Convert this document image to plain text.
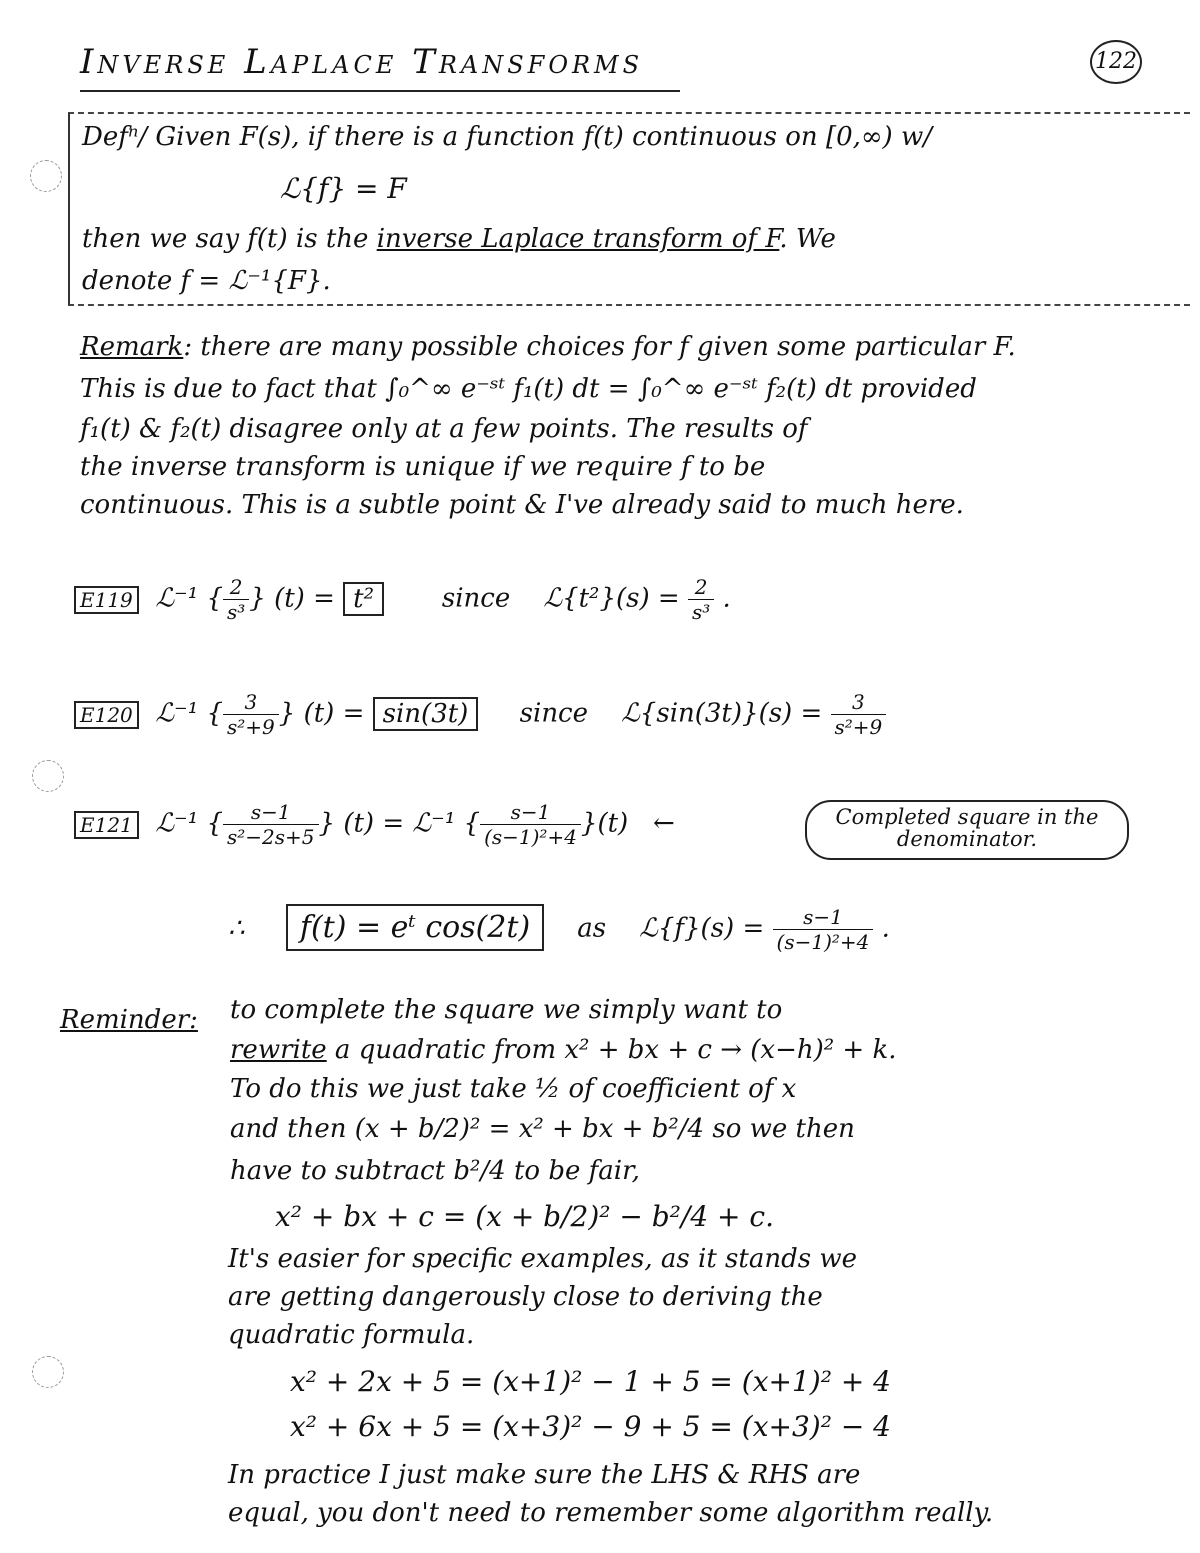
Inverse Laplace Transforms	122
Defⁿ/ Given F(s), if there is a function f(t) continuous on [0,∞) w/
ℒ{f} = F
then we say f(t) is the inverse Laplace transform of F. We
denote f = ℒ⁻¹{F}.
Remark: there are many possible choices for f given some particular F.
This is due to fact that ∫₀^∞ e⁻ˢᵗ f₁(t) dt = ∫₀^∞ e⁻ˢᵗ f₂(t) dt provided
f₁(t) & f₂(t) disagree only at a few points. The results of
the inverse transform is unique if we require f to be
continuous. This is a subtle point & I've already said to much here.
E119 ℒ⁻¹ { $\frac{2}{\text{s³}}$ } (t) = t²	since ℒ{t²}(s) = $\frac{2}{\text{s³}}$ .
E120 ℒ⁻¹ { $\frac{3}{\text{s²+9}}$ } (t) = sin(3t) since ℒ{sin(3t)}(s) = $\frac{3}{\text{s²+9}}$
E121 ℒ⁻¹ { $\frac{s-1}{\text{s²−2s+5}}$ } (t) = ℒ⁻¹ { $\frac{s-1}{\text{(s−1)²+4}} \}(t)$ ←	Completed square in the denominator.
∴ f(t) = eᵗ cos(2t) as ℒ{f}(s) = $\frac{s-1}{\text{(s−1)²+4}}$ .
Reminder: to complete the square we simply want to
rewrite a quadratic from x² + bx + c → (x−h)² + k.
To do this we just take ½ of coefficient of x
and then (x + b/2)² = x² + bx + b²/4 so we then
have to subtract b²/4 to be fair,
x² + bx + c = (x + b/2)² − b²/4 + c.
It's easier for specific examples, as it stands we
are getting dangerously close to deriving the
quadratic formula.
x² + 2x + 5 = (x+1)² − 1 + 5 = (x+1)² + 4
x² + 6x + 5 = (x+3)² − 9 + 5 = (x+3)² − 4
In practice I just make sure the LHS & RHS are
equal, you don't need to remember some algorithm really.
